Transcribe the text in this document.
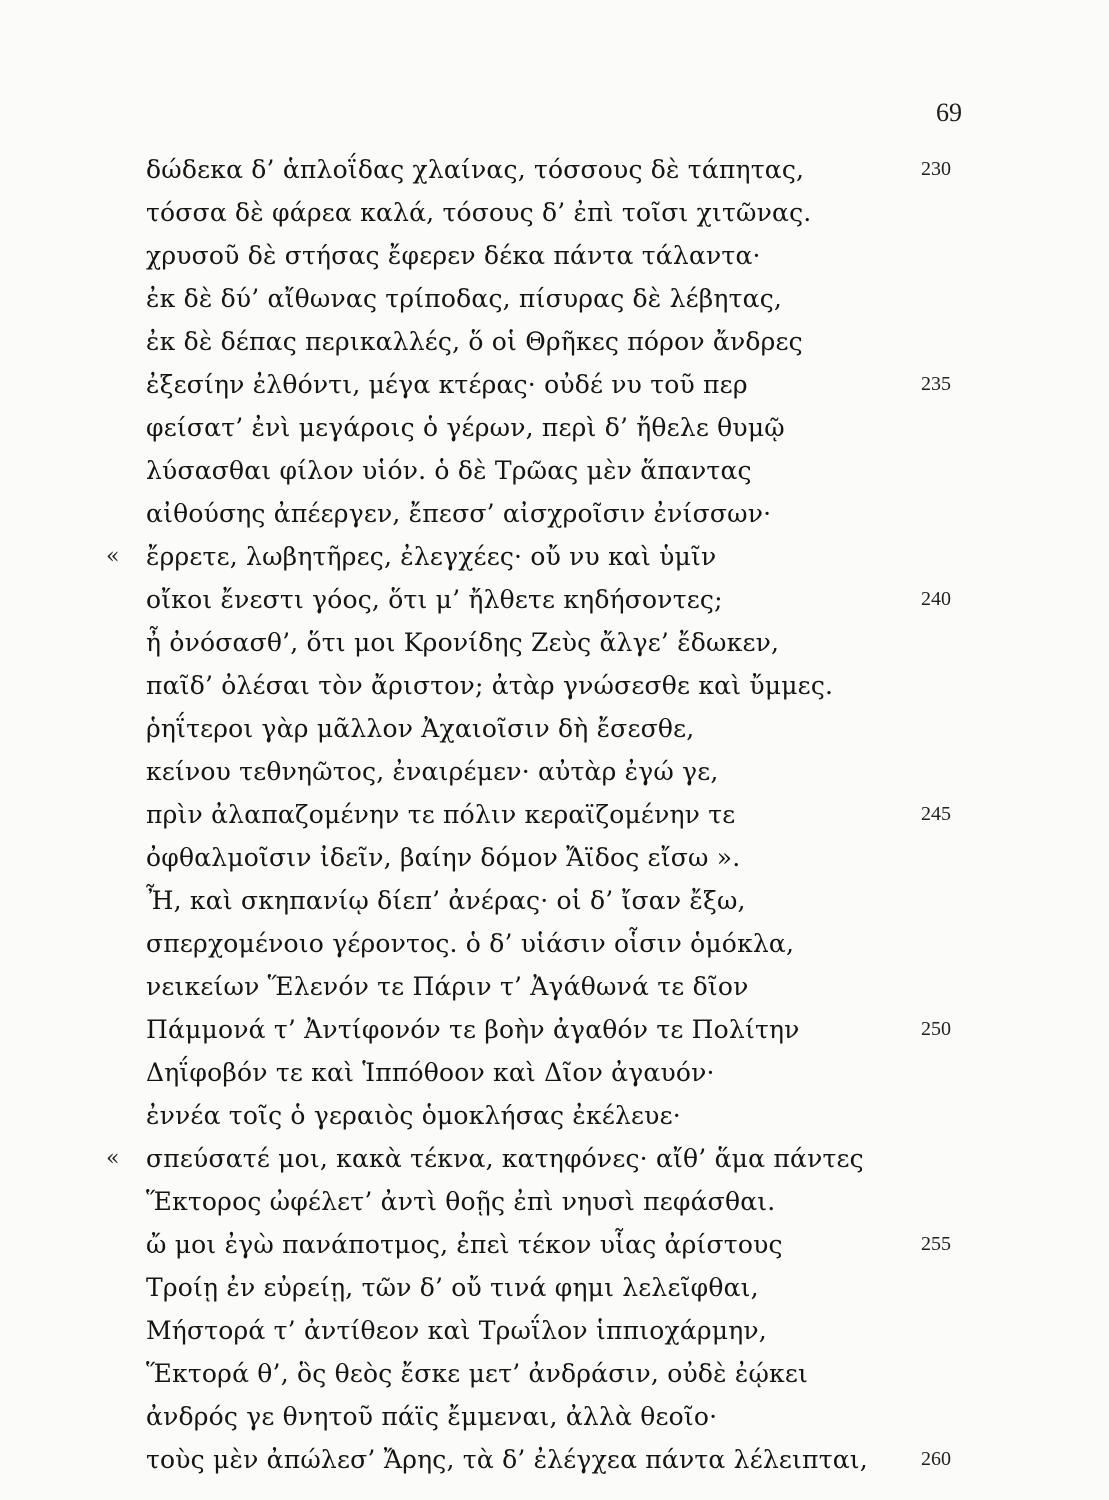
69
δώδεκα δ’ ἁπλοΐδας χλαίνας, τόσσους δὲ τάπητας,	230
τόσσα δὲ φάρεα καλά, τόσους δ’ ἐπὶ τοῖσι χιτῶνας.
χρυσοῦ δὲ στήσας ἔφερεν δέκα πάντα τάλαντα·
ἐκ δὲ δύ’ αἴθωνας τρίποδας, πίσυρας δὲ λέβητας,
ἐκ δὲ δέπας περικαλλές, ὅ οἱ Θρῆκες πόρον ἄνδρες
ἐξεσίην ἐλθόντι, μέγα κτέρας· οὐδέ νυ τοῦ περ	235
φείσατ’ ἐνὶ μεγάροις ὁ γέρων, περὶ δ’ ἤθελε θυμῷ
λύσασθαι φίλον υἱόν. ὁ δὲ Τρῶας μὲν ἅπαντας
αἰθούσης ἀπέεργεν, ἔπεσσ’ αἰσχροῖσιν ἐνίσσων·
« ἔρρετε, λωβητῆρες, ἐλεγχέες· οὔ νυ καὶ ὑμῖν
οἴκοι ἔνεστι γόος, ὅτι μ’ ἤλθετε κηδήσοντες;	240
ἦ ὀνόσασθ’, ὅτι μοι Κρονίδης Ζεὺς ἄλγε’ ἔδωκεν,
παῖδ’ ὀλέσαι τὸν ἄριστον; ἀτὰρ γνώσεσθε καὶ ὔμμες.
ῥηΐτεροι γὰρ μᾶλλον Ἀχαιοῖσιν δὴ ἔσεσθε,
κείνου τεθνηῶτος, ἐναιρέμεν· αὐτὰρ ἐγώ γε,
πρὶν ἀλαπαζομένην τε πόλιν κεραϊζομένην τε	245
ὀφθαλμοῖσιν ἰδεῖν, βαίην δόμον Ἄϊδος εἴσω ».
Ἦ, καὶ σκηπανίῳ δίεπ’ ἀνέρας· οἱ δ’ ἴσαν ἔξω,
σπερχομένοιο γέροντος. ὁ δ’ υἱάσιν οἷσιν ὁμόκλα,
νεικείων Ἕλενόν τε Πάριν τ’ Ἀγάθωνά τε δῖον
Πάμμονά τ’ Ἀντίφονόν τε βοὴν ἀγαθόν τε Πολίτην	250
Δηΐφοβόν τε καὶ Ἱππόθοον καὶ Δῖον ἀγαυόν·
ἐννέα τοῖς ὁ γεραιὸς ὁμοκλήσας ἐκέλευε·
« σπεύσατέ μοι, κακὰ τέκνα, κατηφόνες· αἴθ’ ἅμα πάντες
Ἕκτορος ὠφέλετ’ ἀντὶ θοῇς ἐπὶ νηυσὶ πεφάσθαι.
ὤ μοι ἐγὼ πανάποτμος, ἐπεὶ τέκον υἷας ἀρίστους	255
Τροίῃ ἐν εὐρείῃ, τῶν δ’ οὔ τινά φημι λελεῖφθαι,
Μήστορά τ’ ἀντίθεον καὶ Τρωΐλον ἱππιοχάρμην,
Ἕκτορά θ’, ὃς θεὸς ἔσκε μετ’ ἀνδράσιν, οὐδὲ ἐῴκει
ἀνδρός γε θνητοῦ πάϊς ἔμμεναι, ἀλλὰ θεοῖο·
τοὺς μὲν ἀπώλεσ’ Ἄρης, τὰ δ’ ἐλέγχεα πάντα λέλειπται,	260
